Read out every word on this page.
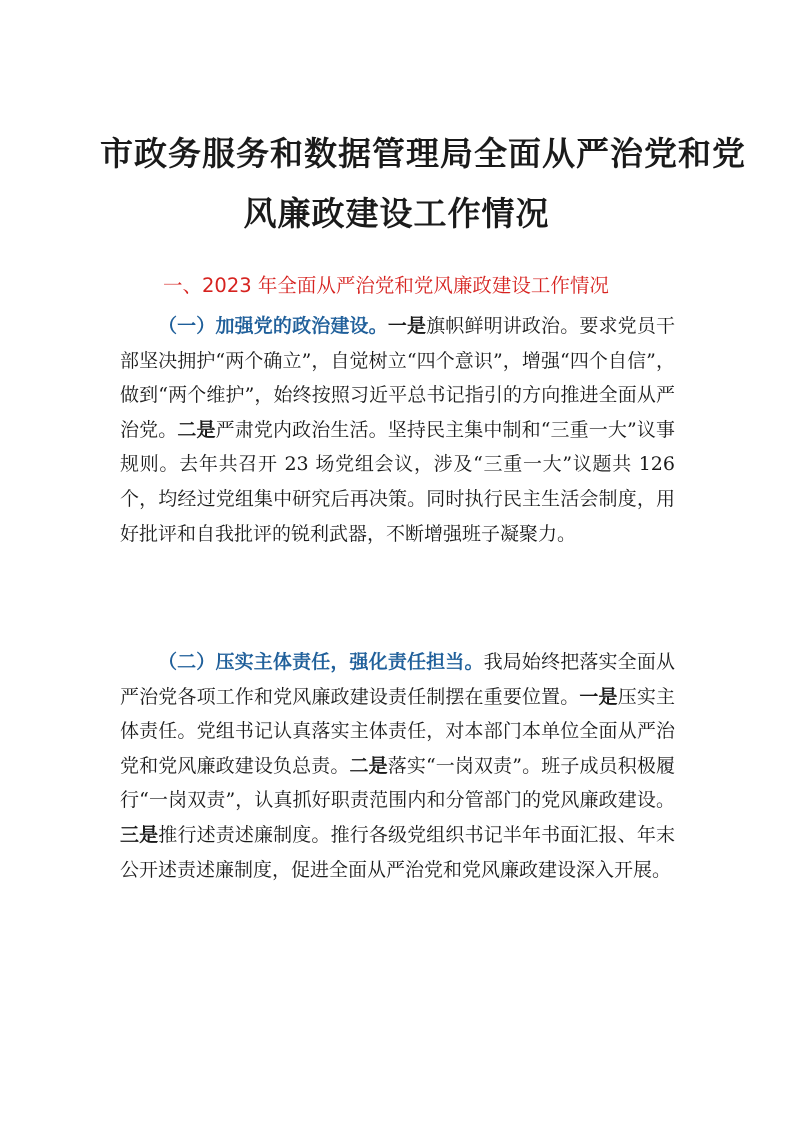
市政务服务和数据管理局全面从严治党和党
风廉政建设工作情况
一、2023 年全面从严治党和党风廉政建设工作情况

（一）加强党的政治建设。一是旗帜鲜明讲政治。要求党员干部坚决拥护“两个确立”，自觉树立“四个意识”，增强“四个自信”，做到“两个维护”，始终按照习近平总书记指引的方向推进全面从严治党。二是严肃党内政治生活。坚持民主集中制和“三重一大”议事规则。去年共召开 23 场党组会议，涉及“三重一大”议题共 126 个，均经过党组集中研究后再决策。同时执行民主生活会制度，用好批评和自我批评的锐利武器，不断增强班子凝聚力。

（二）压实主体责任，强化责任担当。我局始终把落实全面从严治党各项工作和党风廉政建设责任制摆在重要位置。一是压实主体责任。党组书记认真落实主体责任，对本部门本单位全面从严治党和党风廉政建设负总责。二是落实“一岗双责”。班子成员积极履行“一岗双责”，认真抓好职责范围内和分管部门的党风廉政建设。三是推行述责述廉制度。推行各级党组织书记半年书面汇报、年末公开述责述廉制度，促进全面从严治党和党风廉政建设深入开展。
